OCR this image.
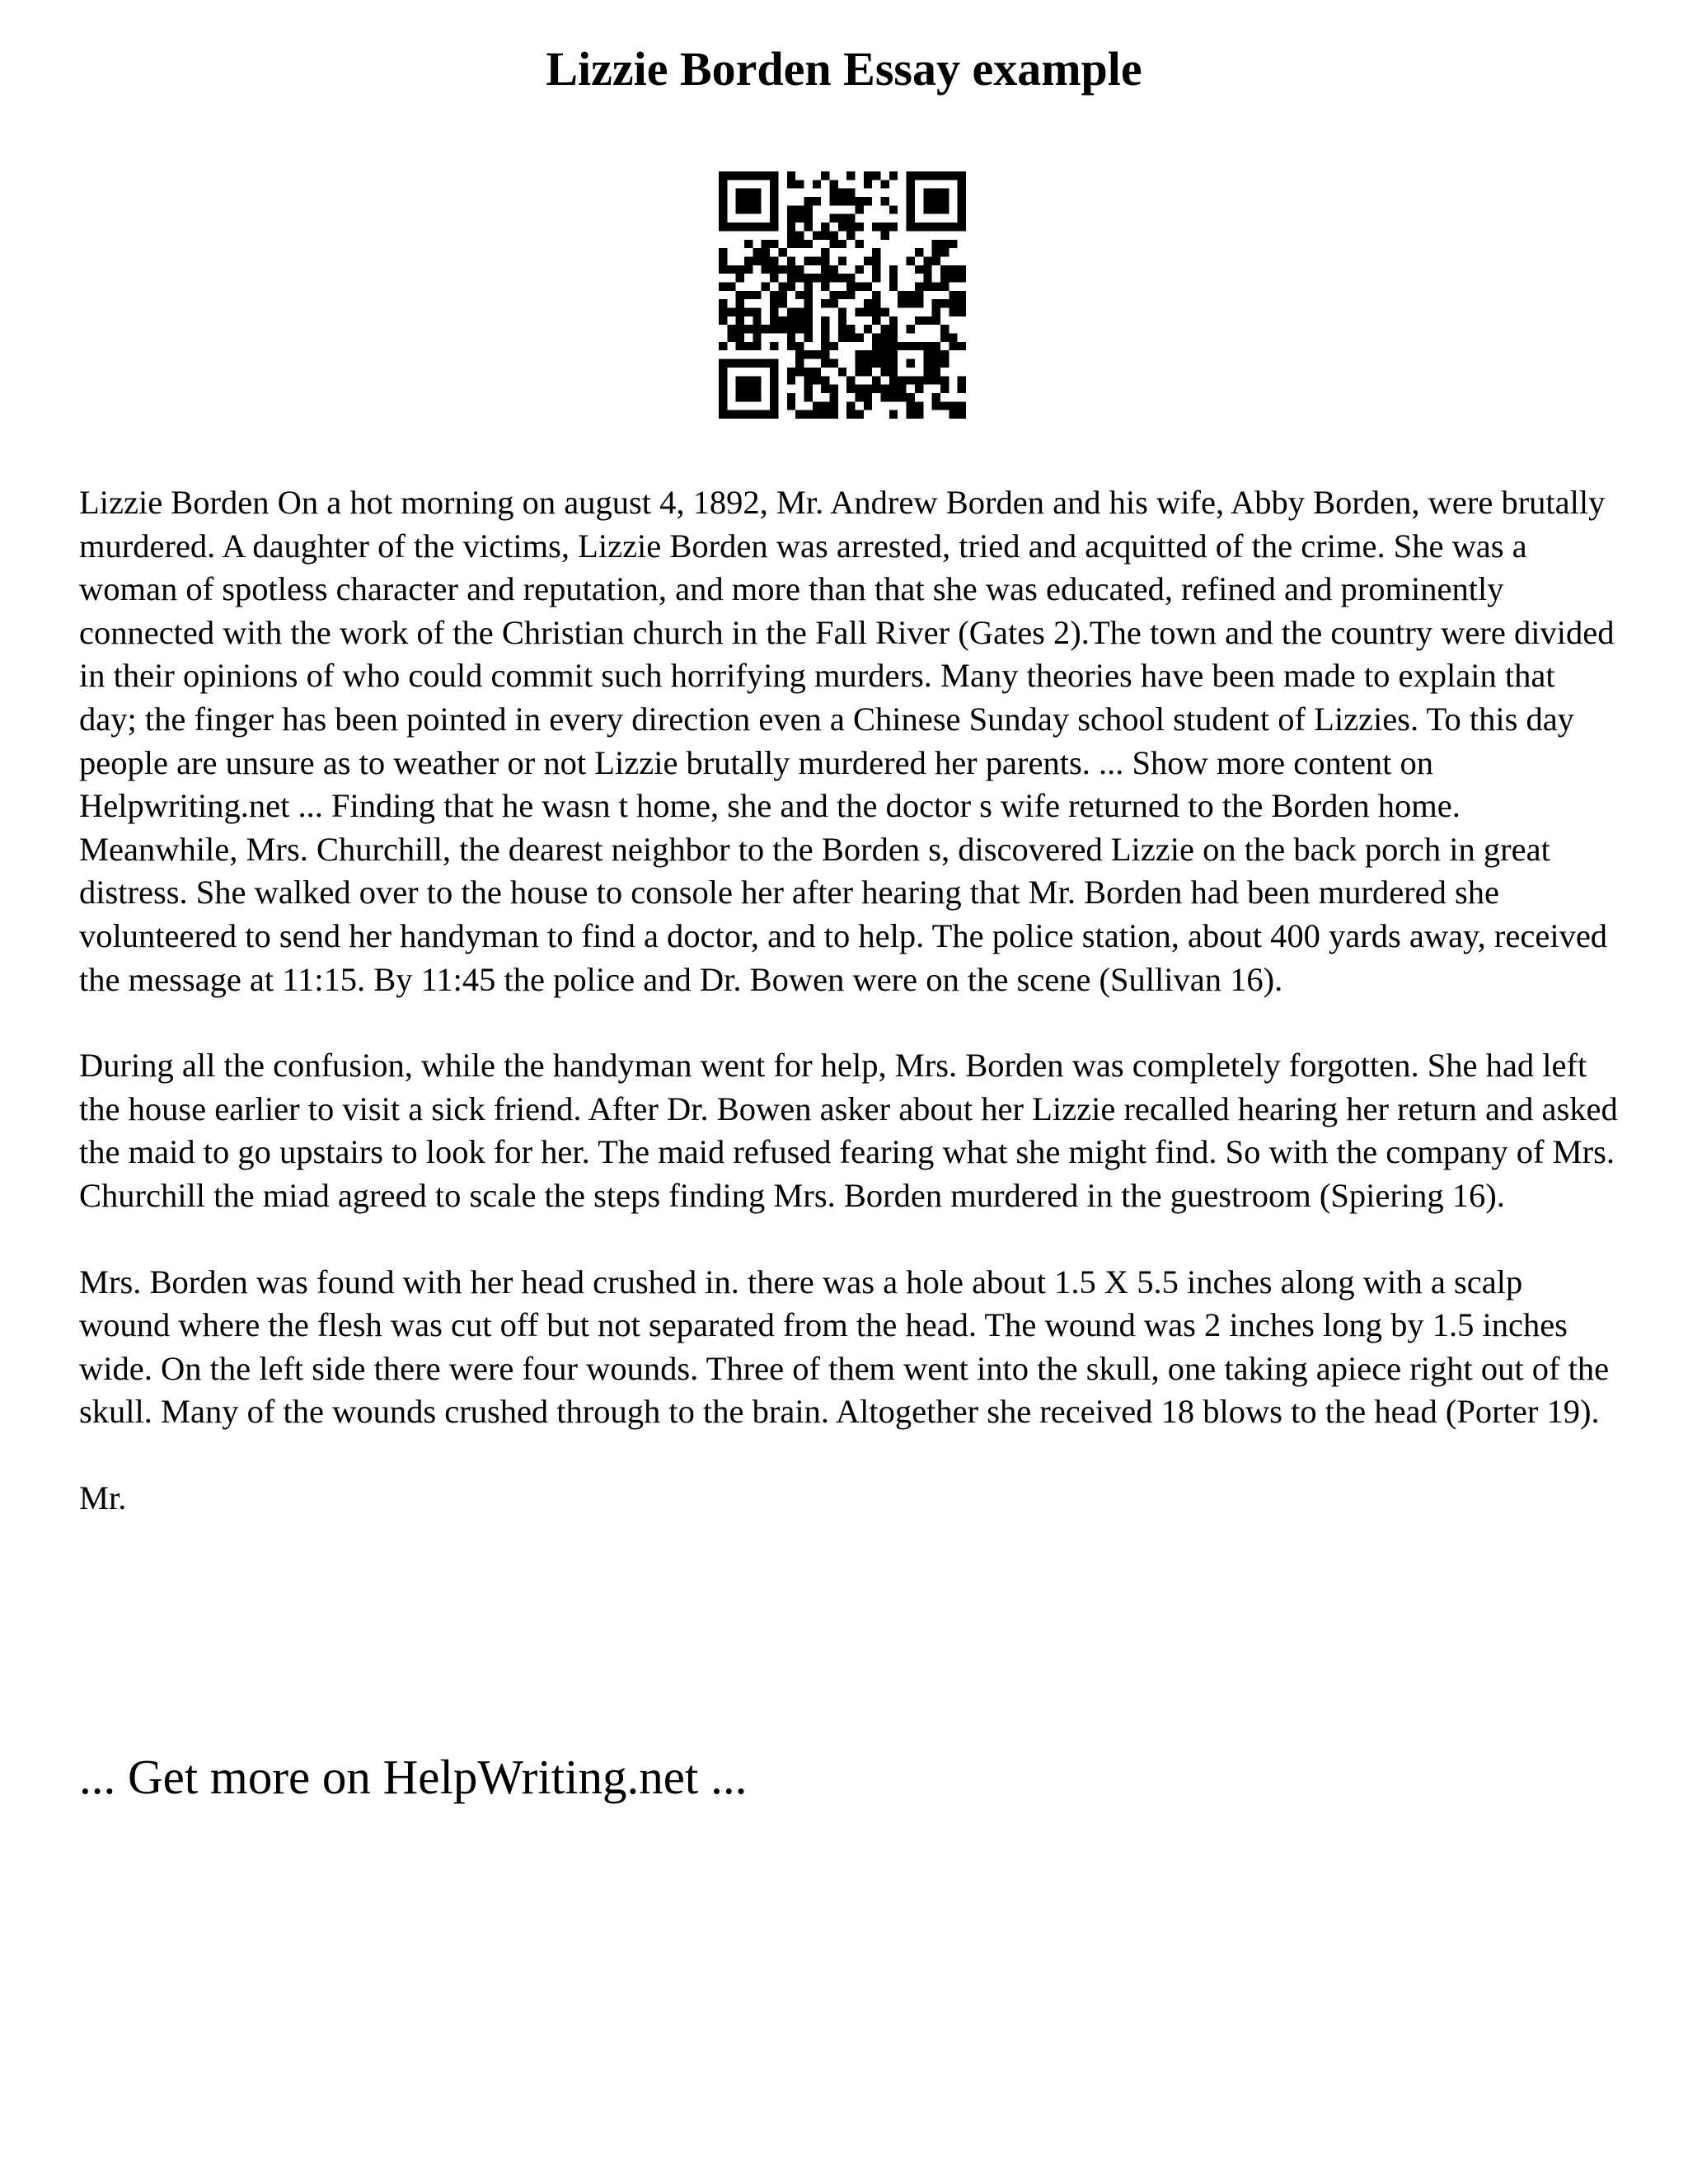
Lizzie Borden Essay example

Lizzie Borden On a hot morning on august 4, 1892, Mr. Andrew Borden and his wife, Abby Borden, were brutally murdered. A daughter of the victims, Lizzie Borden was arrested, tried and acquitted of the crime. She was a woman of spotless character and reputation, and more than that she was educated, refined and prominently connected with the work of the Christian church in the Fall River (Gates 2).The town and the country were divided in their opinions of who could commit such horrifying murders. Many theories have been made to explain that day; the finger has been pointed in every direction even a Chinese Sunday school student of Lizzies. To this day people are unsure as to weather or not Lizzie brutally murdered her parents. ... Show more content on Helpwriting.net ... Finding that he wasn t home, she and the doctor s wife returned to the Borden home. Meanwhile, Mrs. Churchill, the dearest neighbor to the Borden s, discovered Lizzie on the back porch in great distress. She walked over to the house to console her after hearing that Mr. Borden had been murdered she volunteered to send her handyman to find a doctor, and to help. The police station, about 400 yards away, received the message at 11:15. By 11:45 the police and Dr. Bowen were on the scene (Sullivan 16).

During all the confusion, while the handyman went for help, Mrs. Borden was completely forgotten. She had left the house earlier to visit a sick friend. After Dr. Bowen asker about her Lizzie recalled hearing her return and asked the maid to go upstairs to look for her. The maid refused fearing what she might find. So with the company of Mrs. Churchill the miad agreed to scale the steps finding Mrs. Borden murdered in the guestroom (Spiering 16).

Mrs. Borden was found with her head crushed in. there was a hole about 1.5 X 5.5 inches along with a scalp wound where the flesh was cut off but not separated from the head. The wound was 2 inches long by 1.5 inches wide. On the left side there were four wounds. Three of them went into the skull, one taking apiece right out of the skull. Many of the wounds crushed through to the brain. Altogether she received 18 blows to the head (Porter 19).

Mr.

... Get more on HelpWriting.net ...
